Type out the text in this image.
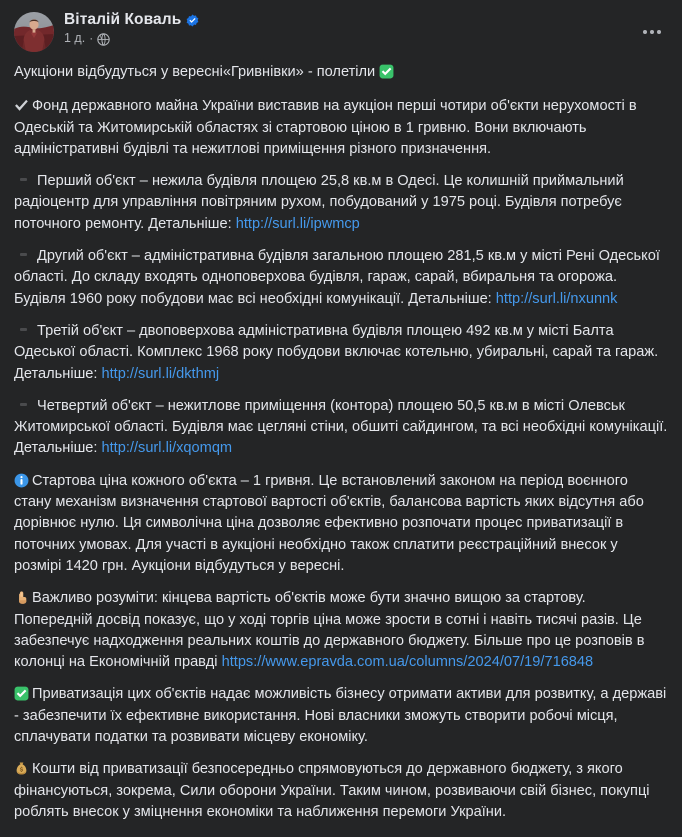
Віталій Коваль
1 д. ·

Аукціони відбудуться у вересні«Гривнівки» - полетіли

Фонд державного майна України виставив на аукціон перші чотири об'єкти нерухомості в Одеській та Житомирській областях зі стартовою ціною в 1 гривню. Вони включають адміністративні будівлі та нежитлові приміщення різного призначення.

Перший об'єкт – нежила будівля площею 25,8 кв.м в Одесі. Це колишній приймальний радіоцентр для управління повітряним рухом, побудований у 1975 році. Будівля потребує поточного ремонту. Детальніше: http://surl.li/ipwmcp

Другий об'єкт – адміністративна будівля загальною площею 281,5 кв.м у місті Рені Одеської області. До складу входять одноповерхова будівля, гараж, сарай, вбиральня та огорожа. Будівля 1960 року побудови має всі необхідні комунікації. Детальніше: http://surl.li/nxunnk

Третій об'єкт – двоповерхова адміністративна будівля площею 492 кв.м у місті Балта Одеської області. Комплекс 1968 року побудови включає котельню, убиральні, сарай та гараж. Детальніше: http://surl.li/dkthmj

Четвертий об'єкт – нежитлове приміщення (контора) площею 50,5 кв.м в місті Олевськ Житомирської області. Будівля має цегляні стіни, обшиті сайдингом, та всі необхідні комунікації. Детальніше: http://surl.li/xqomqm

Стартова ціна кожного об'єкта – 1 гривня. Це встановлений законом на період воєнного стану механізм визначення стартової вартості об'єктів, балансова вартість яких відсутня або дорівнює нулю. Ця символічна ціна дозволяє ефективно розпочати процес приватизації в поточних умовах. Для участі в аукціоні необхідно також сплатити реєстраційний внесок у розмірі 1420 грн. Аукціони відбудуться у вересні.

Важливо розуміти: кінцева вартість об'єктів може бути значно вищою за стартову. Попередній досвід показує, що у ході торгів ціна може зрости в сотні і навіть тисячі разів. Це забезпечує надходження реальних коштів до державного бюджету. Більше про це розповів в колонці на Економічній правді https://www.epravda.com.ua/columns/2024/07/19/716848

Приватизація цих об'єктів надає можливість бізнесу отримати активи для розвитку, а державі - забезпечити їх ефективне використання. Нові власники зможуть створити робочі місця, сплачувати податки та розвивати місцеву економіку.

Кошти від приватизації безпосередньо спрямовуються до державного бюджету, з якого фінансуються, зокрема, Сили оборони України. Таким чином, розвиваючи свій бізнес, покупці роблять внесок у зміцнення економіки та наближення перемоги України.
